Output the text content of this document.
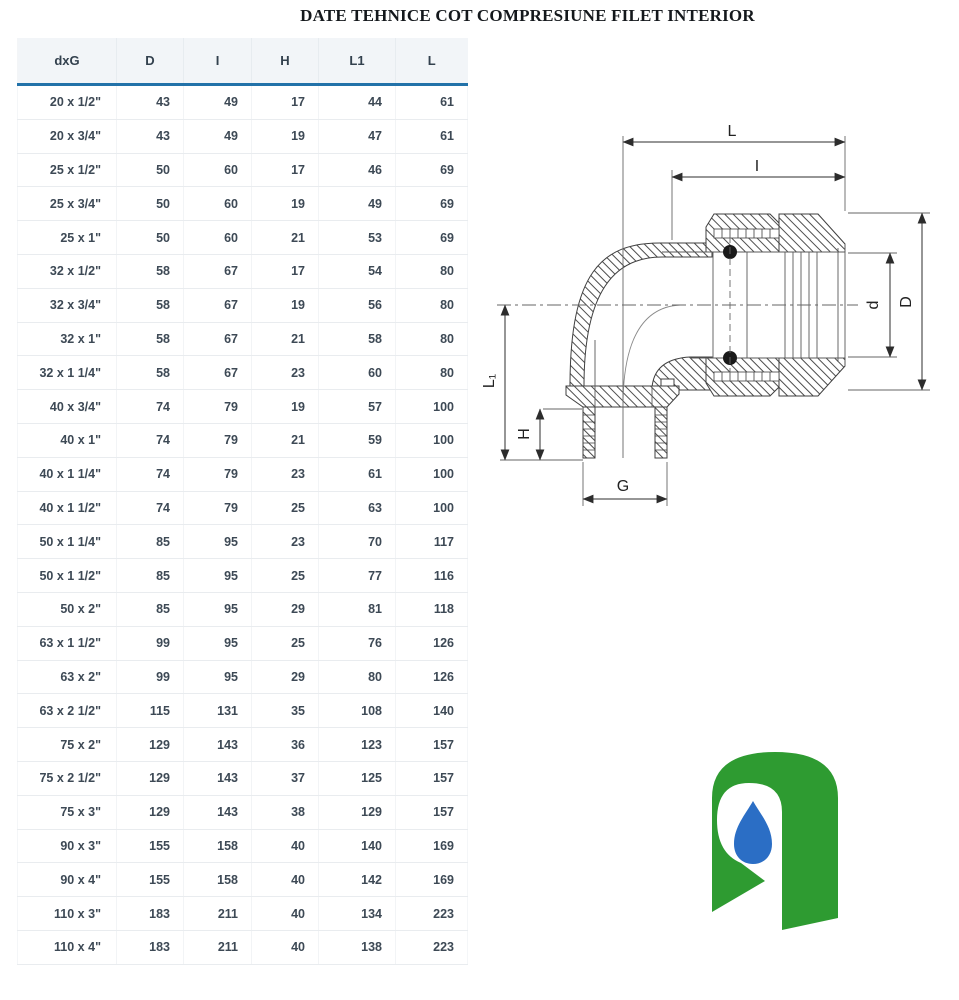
DATE TEHNICE COT COMPRESIUNE FILET INTERIOR
dxG	D	I	H	L1	L
20 x 1/2"	43	49	17	44	61
20 x 3/4"	43	49	19	47	61
25 x 1/2"	50	60	17	46	69
25 x 3/4"	50	60	19	49	69
25 x 1"	50	60	21	53	69
32 x 1/2"	58	67	17	54	80
32 x 3/4"	58	67	19	56	80
32 x 1"	58	67	21	58	80
32 x 1 1/4"	58	67	23	60	80
40 x 3/4"	74	79	19	57	100
40 x 1"	74	79	21	59	100
40 x 1 1/4"	74	79	23	61	100
40 x 1 1/2"	74	79	25	63	100
50 x 1 1/4"	85	95	23	70	117
50 x 1 1/2"	85	95	25	77	116
50 x 2"	85	95	29	81	118
63 x 1 1/2"	99	95	25	76	126
63 x 2"	99	95	29	80	126
63 x 2 1/2"	115	131	35	108	140
75 x 2"	129	143	36	123	157
75 x 2 1/2"	129	143	37	125	157
75 x 3"	129	143	38	129	157
90 x 3"	155	158	40	140	169
90 x 4"	155	158	40	142	169
110 x 3"	183	211	40	134	223
110 x 4"	183	211	40	138	223
L
I
L₁
H
G
d D
